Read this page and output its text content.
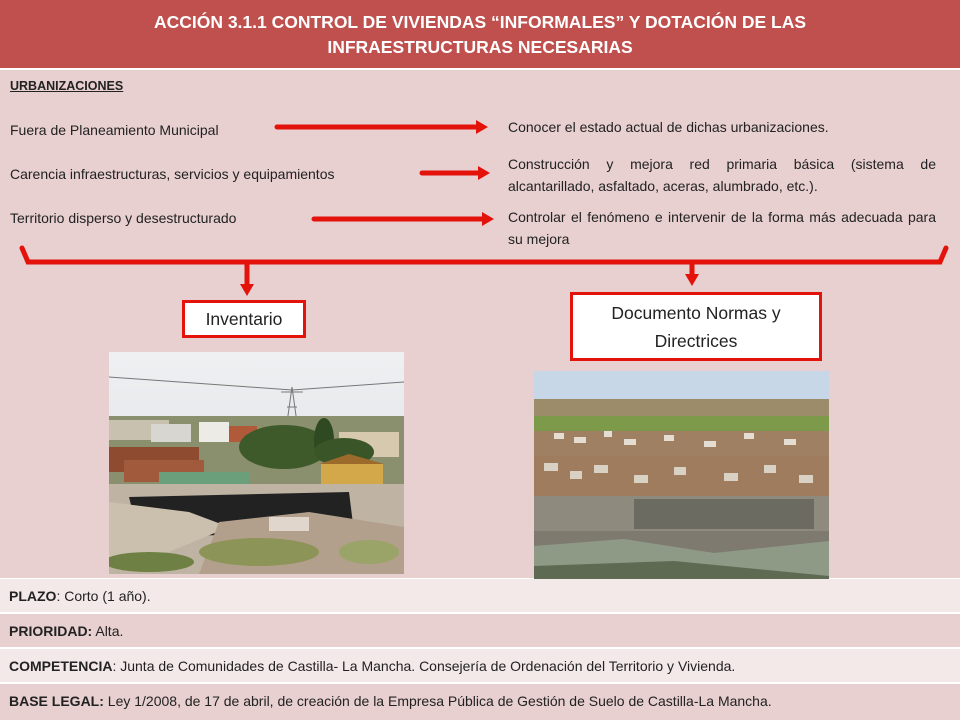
ACCIÓN 3.1.1 CONTROL DE VIVIENDAS “INFORMALES” Y DOTACIÓN DE LAS
INFRAESTRUCTURAS NECESARIAS
URBANIZACIONES
Fuera de Planeamiento Municipal
Carencia infraestructuras, servicios y equipamientos
Territorio disperso y desestructurado
Conocer el estado actual de dichas urbanizaciones.
Construcción y mejora red primaria básica (sistema de alcantarillado, asfaltado, aceras, alumbrado, etc.).
Controlar el fenómeno e intervenir de la forma más adecuada para su mejora
Inventario	Documento Normas y
Directrices
PLAZO: Corto (1 año).
PRIORIDAD: Alta.
COMPETENCIA: Junta de Comunidades de Castilla- La Mancha. Consejería de Ordenación del Territorio y Vivienda.
BASE LEGAL: Ley 1/2008, de 17 de abril, de creación de la Empresa Pública de Gestión de Suelo de Castilla-La Mancha.
